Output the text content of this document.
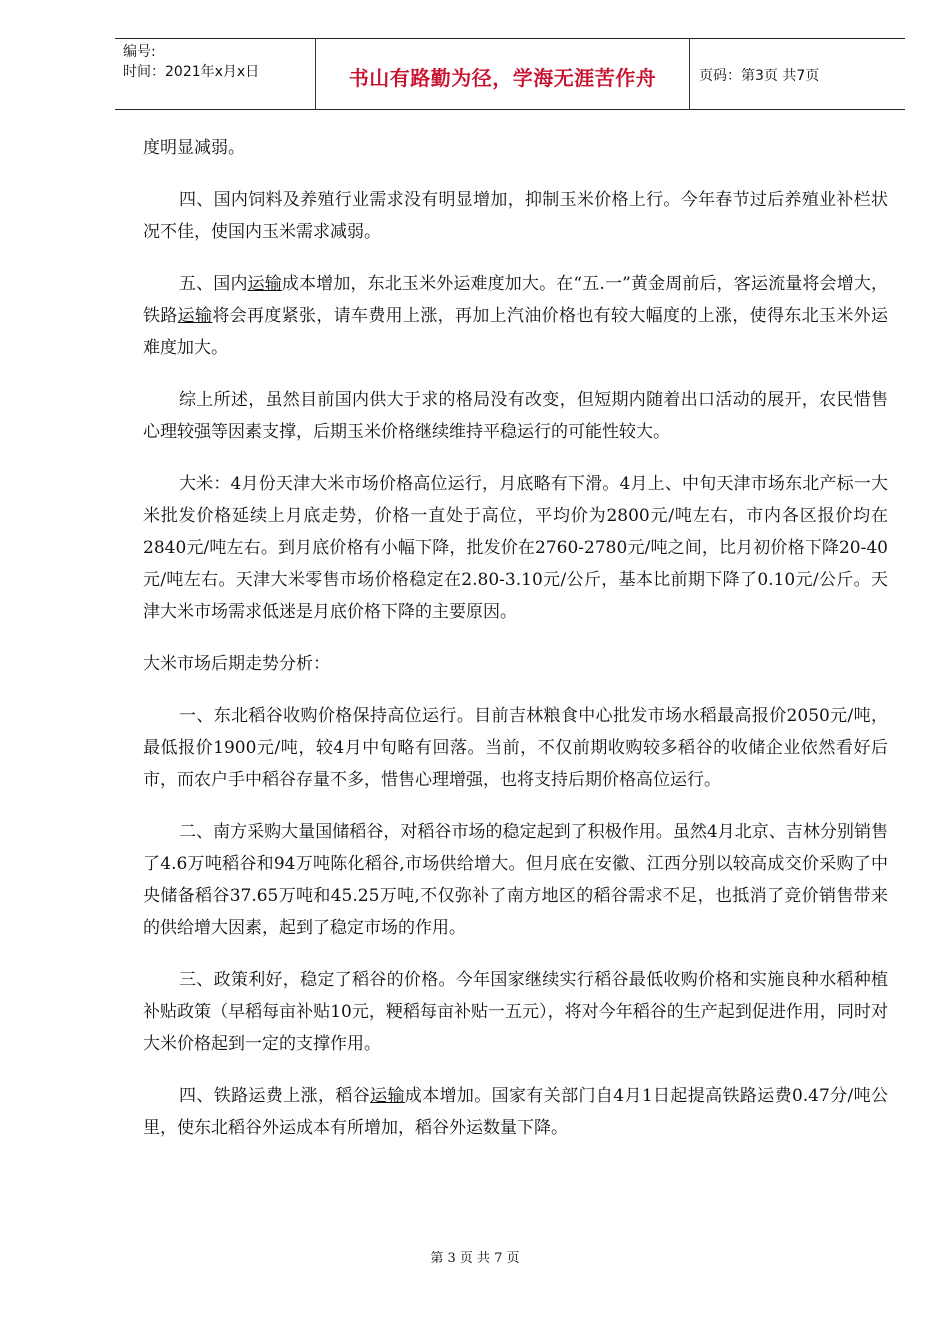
编号:
时间：2021年x月x日	书山有路勤为径，学海无涯苦作舟	页码：第3页 共7页

度明显减弱。

四、国内饲料及养殖行业需求没有明显增加，抑制玉米价格上行。今年春节过后养殖业补栏状况不佳，使国内玉米需求减弱。

五、国内运输成本增加，东北玉米外运难度加大。在“五.一”黄金周前后，客运流量将会增大，铁路运输将会再度紧张，请车费用上涨，再加上汽油价格也有较大幅度的上涨，使得东北玉米外运难度加大。

综上所述，虽然目前国内供大于求的格局没有改变，但短期内随着出口活动的展开，农民惜售心理较强等因素支撑，后期玉米价格继续维持平稳运行的可能性较大。

大米：4月份天津大米市场价格高位运行，月底略有下滑。4月上、中旬天津市场东北产标一大米批发价格延续上月底走势，价格一直处于高位，平均价为2800元/吨左右，市内各区报价均在2840元/吨左右。到月底价格有小幅下降，批发价在2760-2780元/吨之间，比月初价格下降20-40元/吨左右。天津大米零售市场价格稳定在2.80-3.10元/公斤，基本比前期下降了0.10元/公斤。天津大米市场需求低迷是月底价格下降的主要原因。

大米市场后期走势分析：

一、东北稻谷收购价格保持高位运行。目前吉林粮食中心批发市场水稻最高报价2050元/吨，最低报价1900元/吨，较4月中旬略有回落。当前，不仅前期收购较多稻谷的收储企业依然看好后市，而农户手中稻谷存量不多，惜售心理增强，也将支持后期价格高位运行。

二、南方采购大量国储稻谷，对稻谷市场的稳定起到了积极作用。虽然4月北京、吉林分别销售了4.6万吨稻谷和94万吨陈化稻谷,市场供给增大。但月底在安徽、江西分别以较高成交价采购了中央储备稻谷37.65万吨和45.25万吨,不仅弥补了南方地区的稻谷需求不足，也抵消了竞价销售带来的供给增大因素，起到了稳定市场的作用。

三、政策利好，稳定了稻谷的价格。今年国家继续实行稻谷最低收购价格和实施良种水稻种植补贴政策（早稻每亩补贴10元，粳稻每亩补贴一五元），将对今年稻谷的生产起到促进作用，同时对大米价格起到一定的支撑作用。

四、铁路运费上涨，稻谷运输成本增加。国家有关部门自4月1日起提高铁路运费0.47分/吨公里，使东北稻谷外运成本有所增加，稻谷外运数量下降。

第 3 页 共 7 页
